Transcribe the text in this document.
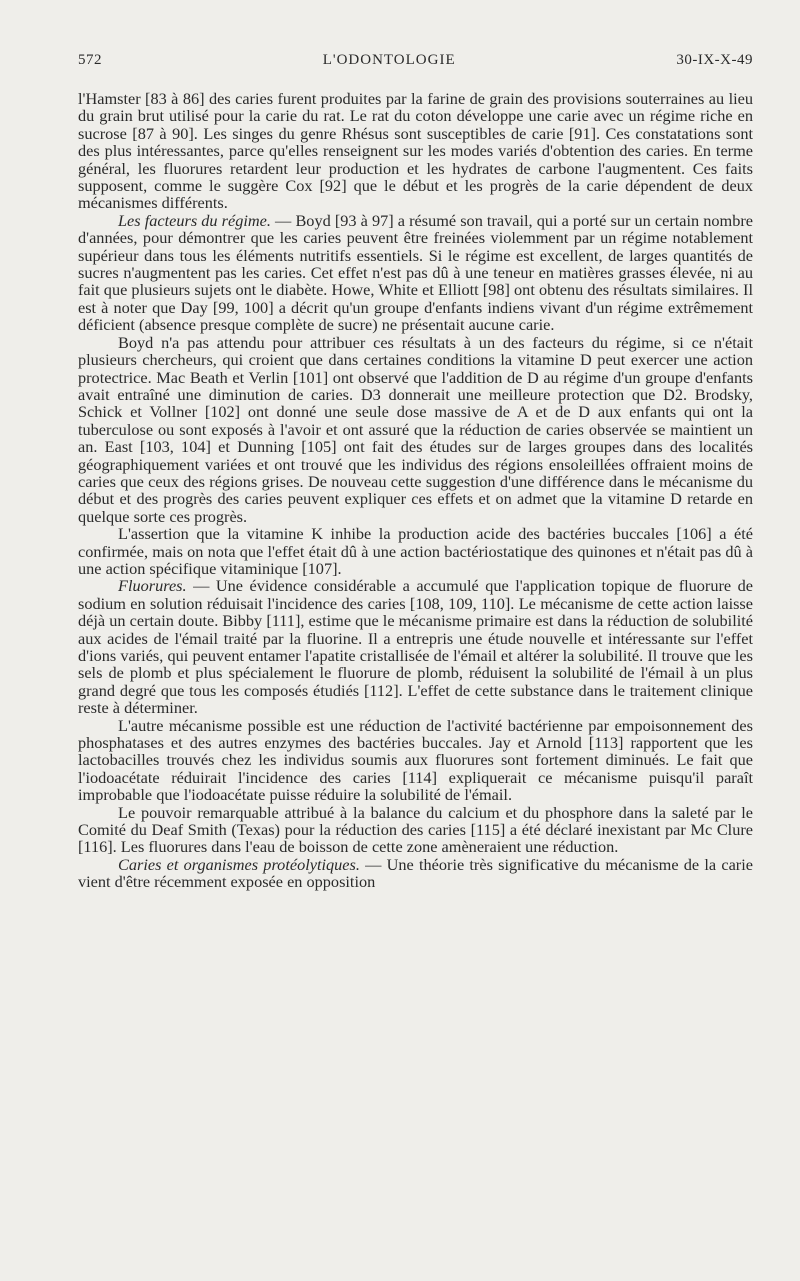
572	L'ODONTOLOGIE	30-IX-X-49

l'Hamster [83 à 86] des caries furent produites par la farine de grain des provisions souterraines au lieu du grain brut utilisé pour la carie du rat. Le rat du coton développe une carie avec un régime riche en sucrose [87 à 90]. Les singes du genre Rhésus sont susceptibles de carie [91]. Ces constatations sont des plus intéressantes, parce qu'elles renseignent sur les modes variés d'obtention des caries. En terme général, les fluorures retardent leur production et les hydrates de carbone l'augmentent. Ces faits supposent, comme le suggère Cox [92] que le début et les progrès de la carie dépendent de deux mécanismes différents.

Les facteurs du régime. — Boyd [93 à 97] a résumé son travail, qui a porté sur un certain nombre d'années, pour démontrer que les caries peuvent être freinées violemment par un régime notablement supérieur dans tous les éléments nutritifs essentiels. Si le régime est excellent, de larges quantités de sucres n'augmentent pas les caries. Cet effet n'est pas dû à une teneur en matières grasses élevée, ni au fait que plusieurs sujets ont le diabète. Howe, White et Elliott [98] ont obtenu des résultats similaires. Il est à noter que Day [99, 100] a décrit qu'un groupe d'enfants indiens vivant d'un régime extrêmement déficient (absence presque complète de sucre) ne présentait aucune carie.

Boyd n'a pas attendu pour attribuer ces résultats à un des facteurs du régime, si ce n'était plusieurs chercheurs, qui croient que dans certaines conditions la vitamine D peut exercer une action protectrice. Mac Beath et Verlin [101] ont observé que l'addition de D au régime d'un groupe d'enfants avait entraîné une diminution de caries. D3 donnerait une meilleure protection que D2. Brodsky, Schick et Vollner [102] ont donné une seule dose massive de A et de D aux enfants qui ont la tuberculose ou sont exposés à l'avoir et ont assuré que la réduction de caries observée se maintient un an. East [103, 104] et Dunning [105] ont fait des études sur de larges groupes dans des localités géographiquement variées et ont trouvé que les individus des régions ensoleillées offraient moins de caries que ceux des régions grises. De nouveau cette suggestion d'une différence dans le mécanisme du début et des progrès des caries peuvent expliquer ces effets et on admet que la vitamine D retarde en quelque sorte ces progrès.

L'assertion que la vitamine K inhibe la production acide des bactéries buccales [106] a été confirmée, mais on nota que l'effet était dû à une action bactériostatique des quinones et n'était pas dû à une action spécifique vitaminique [107].

Fluorures. — Une évidence considérable a accumulé que l'application topique de fluorure de sodium en solution réduisait l'incidence des caries [108, 109, 110]. Le mécanisme de cette action laisse déjà un certain doute. Bibby [111], estime que le mécanisme primaire est dans la réduction de solubilité aux acides de l'émail traité par la fluorine. Il a entrepris une étude nouvelle et intéressante sur l'effet d'ions variés, qui peuvent entamer l'apatite cristallisée de l'émail et altérer la solubilité. Il trouve que les sels de plomb et plus spécialement le fluorure de plomb, réduisent la solubilité de l'émail à un plus grand degré que tous les composés étudiés [112]. L'effet de cette substance dans le traitement clinique reste à déterminer.

L'autre mécanisme possible est une réduction de l'activité bactérienne par empoisonnement des phosphatases et des autres enzymes des bactéries buccales. Jay et Arnold [113] rapportent que les lactobacilles trouvés chez les individus soumis aux fluorures sont fortement diminués. Le fait que l'iodoacétate réduirait l'incidence des caries [114] expliquerait ce mécanisme puisqu'il paraît improbable que l'iodoacétate puisse réduire la solubilité de l'émail.

Le pouvoir remarquable attribué à la balance du calcium et du phosphore dans la saleté par le Comité du Deaf Smith (Texas) pour la réduction des caries [115] a été déclaré inexistant par Mc Clure [116]. Les fluorures dans l'eau de boisson de cette zone amèneraient une réduction.

Caries et organismes protéolytiques. — Une théorie très significative du mécanisme de la carie vient d'être récemment exposée en opposition
